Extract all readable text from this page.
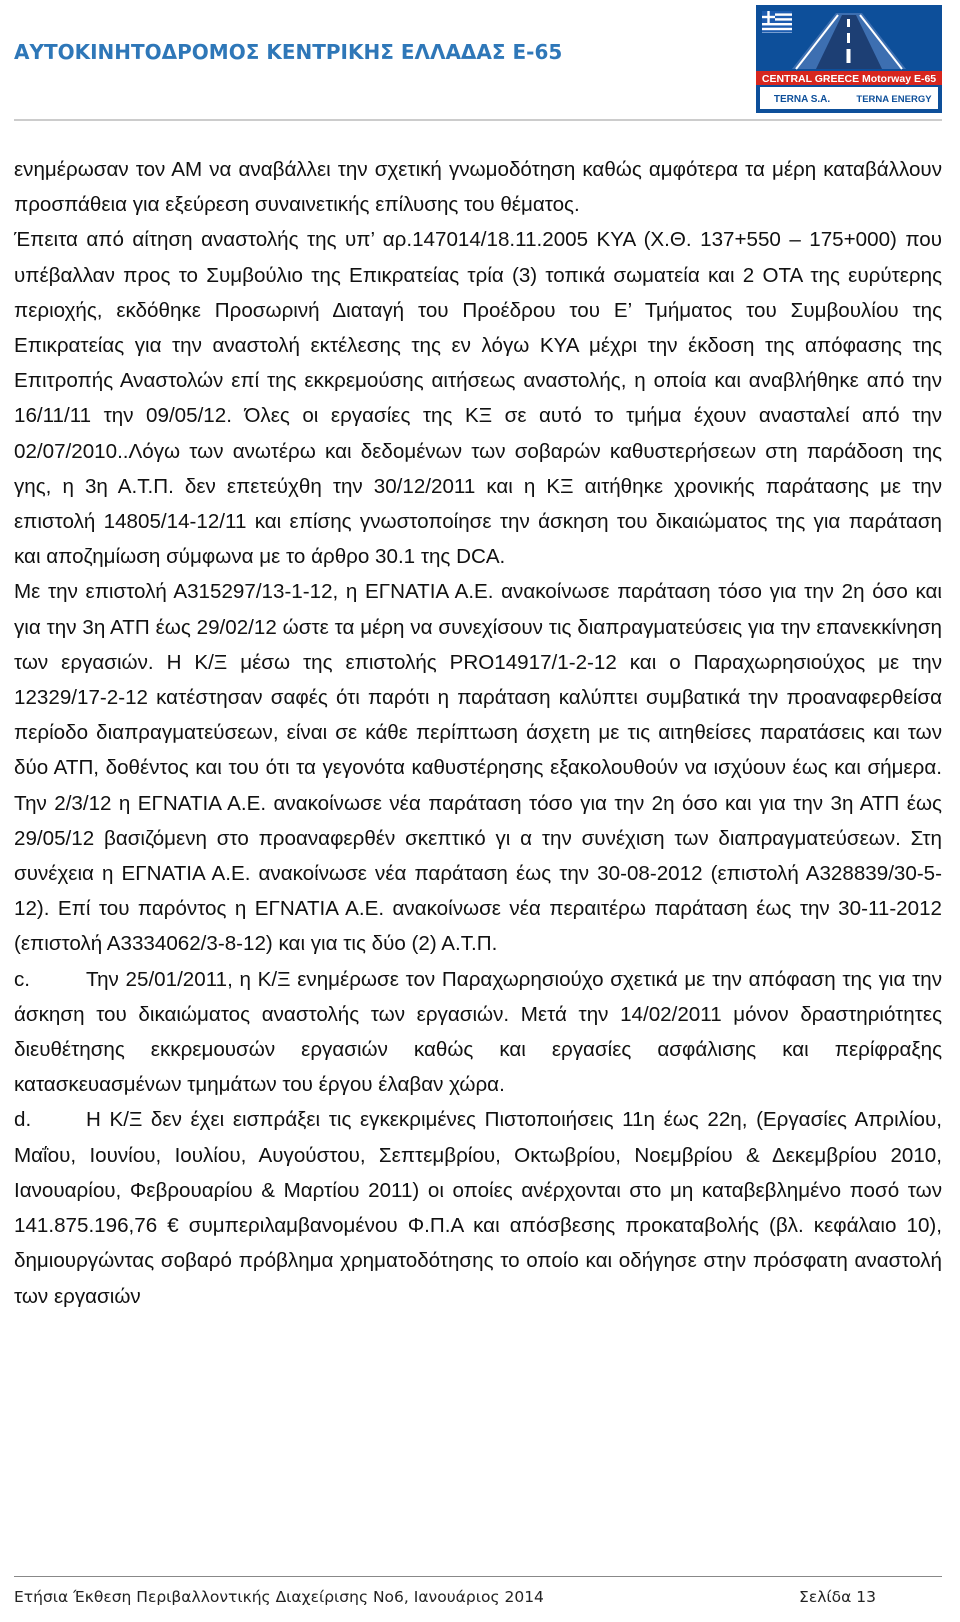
ΑΥΤΟΚΙΝΗΤΟΔΡΟΜΟΣ ΚΕΝΤΡΙΚΗΣ ΕΛΛΑΔΑΣ Ε-65
CENTRAL GREECE Motorway E-65
TERNA S.A.	TERNA ENERGY

ενημέρωσαν τον ΑΜ να αναβάλλει την σχετική γνωμοδότηση καθώς αμφότερα τα μέρη καταβάλλουν προσπάθεια για εξεύρεση συναινετικής επίλυσης του θέματος.

Έπειτα από αίτηση αναστολής της υπ’ αρ.147014/18.11.2005 ΚΥΑ (Χ.Θ. 137+550 – 175+000) που υπέβαλλαν προς το Συμβούλιο της Επικρατείας τρία (3) τοπικά σωματεία και 2 ΟΤΑ της ευρύτερης περιοχής, εκδόθηκε Προσωρινή Διαταγή του Προέδρου του Ε’ Τμήματος του Συμβουλίου της Επικρατείας για την αναστολή εκτέλεσης της εν λόγω ΚΥΑ μέχρι την έκδοση της απόφασης της Επιτροπής Αναστολών επί της εκκρεμούσης αιτήσεως αναστολής, η οποία και αναβλήθηκε από την 16/11/11 την 09/05/12. Όλες οι εργασίες της ΚΞ σε αυτό το τμήμα έχουν ανασταλεί από την 02/07/2010..Λόγω των ανωτέρω και δεδομένων των σοβαρών καθυστερήσεων στη παράδοση της γης, η 3η Α.Τ.Π. δεν επετεύχθη την 30/12/2011 και η ΚΞ αιτήθηκε χρονικής παράτασης με την επιστολή 14805/14-12/11 και επίσης γνωστοποίησε την άσκηση του δικαιώματος της για παράταση και αποζημίωση σύμφωνα με το άρθρο 30.1 της DCA.

Με την επιστολή Α315297/13-1-12, η ΕΓΝΑΤΙΑ Α.Ε. ανακοίνωσε παράταση τόσο για την 2η όσο και για την 3η ΑΤΠ έως 29/02/12 ώστε τα μέρη να συνεχίσουν τις διαπραγματεύσεις για την επανεκκίνηση των εργασιών. Η Κ/Ξ μέσω της επιστολής PRO14917/1-2-12 και ο Παραχωρησιούχος με την 12329/17-2-12 κατέστησαν σαφές ότι παρότι η παράταση καλύπτει συμβατικά την προαναφερθείσα περίοδο διαπραγματεύσεων, είναι σε κάθε περίπτωση άσχετη με τις αιτηθείσες παρατάσεις και των δύο ΑΤΠ, δοθέντος και του ότι τα γεγονότα καθυστέρησης εξακολουθούν να ισχύουν έως και σήμερα. Την 2/3/12 η ΕΓΝΑΤΙΑ Α.Ε. ανακοίνωσε νέα παράταση τόσο για την 2η όσο και για την 3η ΑΤΠ έως 29/05/12 βασιζόμενη στο προαναφερθέν σκεπτικό γι α την συνέχιση των διαπραγματεύσεων. Στη συνέχεια η ΕΓΝΑΤΙΑ Α.Ε. ανακοίνωσε νέα παράταση έως την 30-08-2012 (επιστολή Α328839/30-5-12). Επί του παρόντος η ΕΓΝΑΤΙΑ Α.Ε. ανακοίνωσε νέα περαιτέρω παράταση έως την 30-11-2012 (επιστολή Α3334062/3-8-12) και για τις δύο (2) Α.Τ.Π.

c.	Την 25/01/2011, η Κ/Ξ ενημέρωσε τον Παραχωρησιούχο σχετικά με την απόφαση της για την άσκηση του δικαιώματος αναστολής των εργασιών. Μετά την 14/02/2011 μόνον δραστηριότητες διευθέτησης εκκρεμουσών εργασιών καθώς και εργασίες ασφάλισης και περίφραξης κατασκευασμένων τμημάτων του έργου έλαβαν χώρα.

d.	Η Κ/Ξ δεν έχει εισπράξει τις εγκεκριμένες Πιστοποιήσεις 11η έως 22η, (Εργασίες Απριλίου, Μαΐου, Ιουνίου, Ιουλίου, Αυγούστου, Σεπτεμβρίου, Οκτωβρίου, Νοεμβρίου & Δεκεμβρίου 2010, Ιανουαρίου, Φεβρουαρίου & Μαρτίου 2011) οι οποίες ανέρχονται στο μη καταβεβλημένο ποσό των 141.875.196,76 € συμπεριλαμβανομένου Φ.Π.Α και απόσβεσης προκαταβολής (βλ. κεφάλαιο 10), δημιουργώντας σοβαρό πρόβλημα χρηματοδότησης το οποίο και οδήγησε στην πρόσφατη αναστολή των εργασιών

Ετήσια Έκθεση Περιβαλλοντικής Διαχείρισης Νο6, Ιανουάριος 2014	Σελίδα 13
